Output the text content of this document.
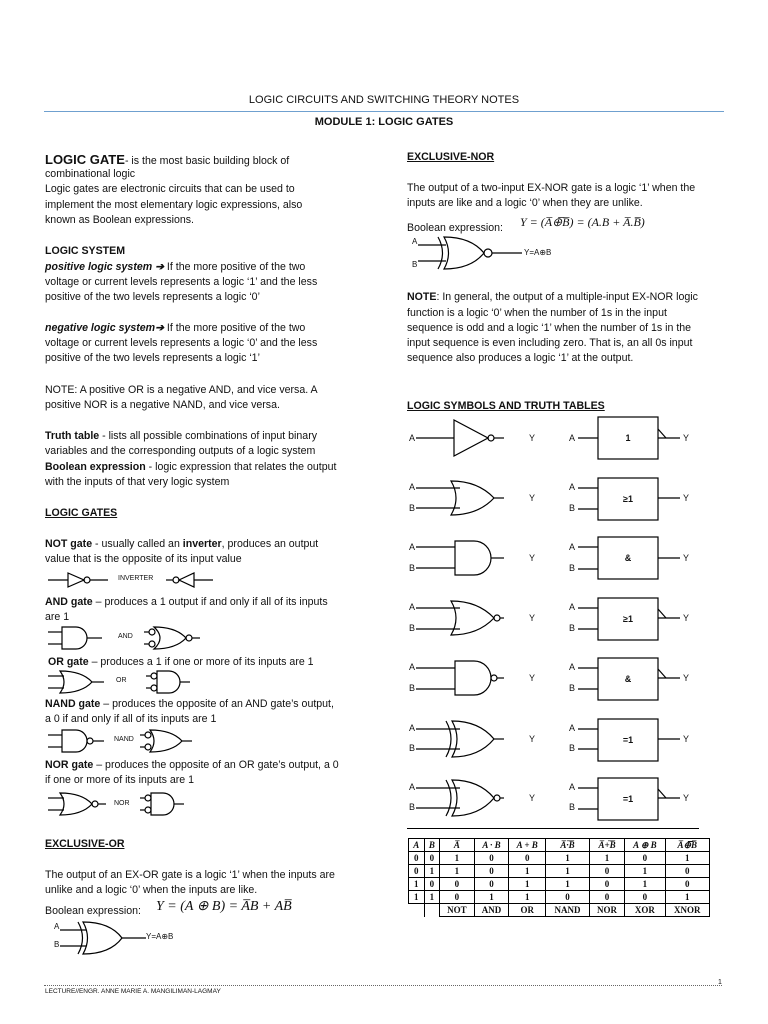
LOGIC CIRCUITS AND SWITCHING THEORY NOTES
MODULE 1: LOGIC GATES
LOGIC GATE- is the most basic building block of
combinational logic
Logic gates are electronic circuits that can be used to
implement the most elementary logic expressions, also
known as Boolean expressions.
LOGIC SYSTEM
positive logic system ➔ If the more positive of the two
voltage or current levels represents a logic ‘1’ and the less
positive of the two levels represents a logic ‘0’
negative logic system➔ If the more positive of the two
voltage or current levels represents a logic ‘0’ and the less
positive of the two levels represents a logic ‘1’
NOTE: A positive OR is a negative AND, and vice versa. A
positive NOR is a negative NAND, and vice versa.
Truth table - lists all possible combinations of input binary
variables and the corresponding outputs of a logic system
Boolean expression - logic expression that relates the output
with the inputs of that very logic system
LOGIC GATES
NOT gate - usually called an inverter, produces an output
value that is the opposite of its input value
INVERTER
AND gate – produces a 1 output if and only if all of its inputs
are 1
AND
OR gate – produces a 1 if one or more of its inputs are 1
OR
NAND gate – produces the opposite of an AND gate’s output,
a 0 if and only if all of its inputs are 1
NAND
NOR gate – produces the opposite of an OR gate’s output, a 0
if one or more of its inputs are 1
NOR
EXCLUSIVE-OR
The output of an EX-OR gate is a logic ‘1’ when the inputs are
unlike and a logic ‘0’ when the inputs are like.
Boolean expression: Y = (A ⊕ B) = A̅B + AB̅
A
B
Y=A⊕B
EXCLUSIVE-NOR
The output of a two-input EX-NOR gate is a logic ‘1’ when the
inputs are like and a logic ‘0’ when they are unlike.
Boolean expression: Y = (A̅⊕̅B̅) = (A.B + A̅.B̅)
A
B
Y=A⊕B
NOTE: In general, the output of a multiple-input EX-NOR logic
function is a logic ‘0’ when the number of 1s in the input
sequence is odd and a logic ‘1’ when the number of 1s in the
input sequence is even including zero. That is, an all 0s input
sequence also produces a logic ‘1’ at the output.
LOGIC SYMBOLS AND TRUTH TABLES
A	Y
A
B
Y
A
B
Y
A
B
Y
A
B
Y
A
B
Y
A
B
Y
1
≥1
&
≥1
&
=1
=1
A	Y
A
B
Y
A
B
Y
A
B
Y
A
B
Y
A
B
Y
A
B
Y
A	B	A̅	A · B	A + B	A̅·̅B̅	A̅+̅B̅	A ⊕ B	A̅⊕̅B̅
0	0	1	0	0	1	1	0	1
0	1	1	0	1	1	0	1	0
1	0	0	0	1	1	0	1	0
1	1	0	1	1	0	0	0	1
		NOT	AND	OR	NAND	NOR	XOR	XNOR
1
LECTURE//ENGR. ANNE MARIE A. MANGILIMAN-LAGMAY
